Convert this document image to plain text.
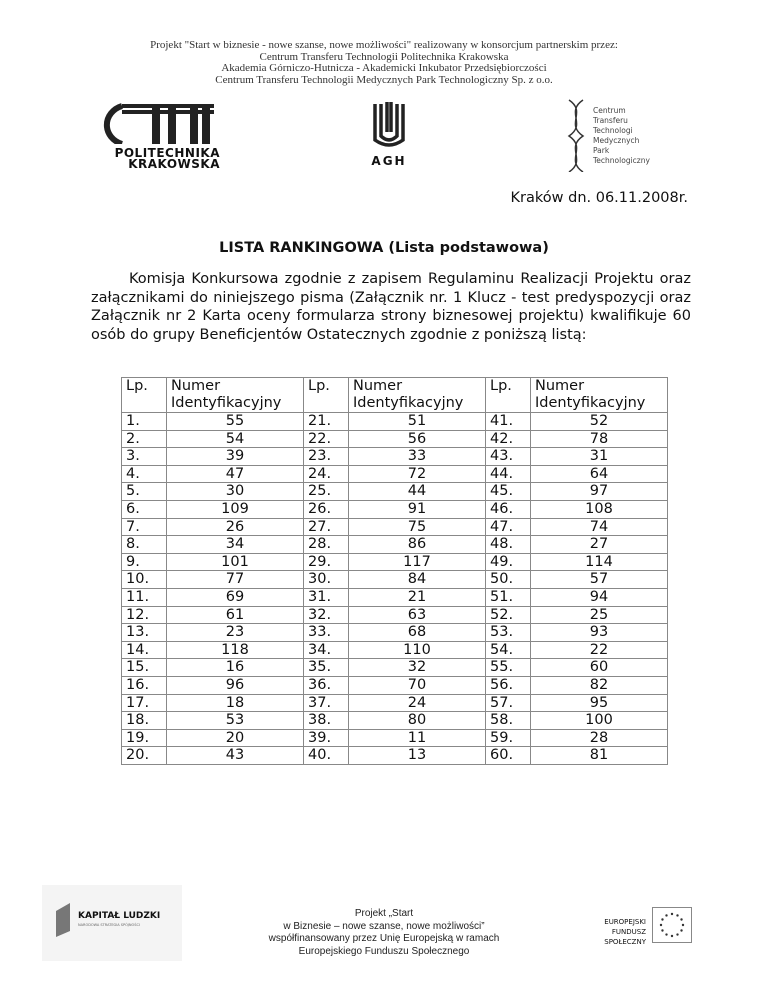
Projekt "Start w biznesie - nowe szanse, nowe możliwości" realizowany w konsorcjum partnerskim przez:
Centrum Transferu Technologii Politechnika Krakowska
Akademia Górniczo-Hutnicza - Akademicki Inkubator Przedsiębiorczości
Centrum Transferu Technologii Medycznych Park Technologiczny Sp. z o.o.
POLITECHNIKA
KRAKOWSKA	AGH
Centrum
Transferu
Technologi
Medycznych
Park
Technologiczny
Kraków dn. 06.11.2008r.
LISTA RANKINGOWA (Lista podstawowa)
Komisja Konkursowa zgodnie z zapisem Regulaminu Realizacji Projektu oraz załącznikami do niniejszego pisma (Załącznik nr. 1 Klucz - test predyspozycji oraz Załącznik nr 2 Karta oceny formularza strony biznesowej projektu) kwalifikuje 60 osób do grupy Beneficjentów Ostatecznych zgodnie z poniższą listą:
Lp.	Numer Identyfikacyjny	Lp.	Numer Identyfikacyjny	Lp.	Numer Identyfikacyjny
1.	55	21.	51	41.	52
2.	54	22.	56	42.	78
3.	39	23.	33	43.	31
4.	47	24.	72	44.	64
5.	30	25.	44	45.	97
6.	109	26.	91	46.	108
7.	26	27.	75	47.	74
8.	34	28.	86	48.	27
9.	101	29.	117	49.	114
10.	77	30.	84	50.	57
11.	69	31.	21	51.	94
12.	61	32.	63	52.	25
13.	23	33.	68	53.	93
14.	118	34.	110	54.	22
15.	16	35.	32	55.	60
16.	96	36.	70	56.	82
17.	18	37.	24	57.	95
18.	53	38.	80	58.	100
19.	20	39.	11	59.	28
20.	43	40.	13	60.	81
KAPITAŁ LUDZKI
NARODOWA STRATEGIA SPÓJNOŚCI
Projekt „Start
w Biznesie – nowe szanse, nowe możliwości”
współfinansowany przez Unię Europejską w ramach
Europejskiego Funduszu Społecznego
EUROPEJSKI
FUNDUSZ SPOŁECZNY
